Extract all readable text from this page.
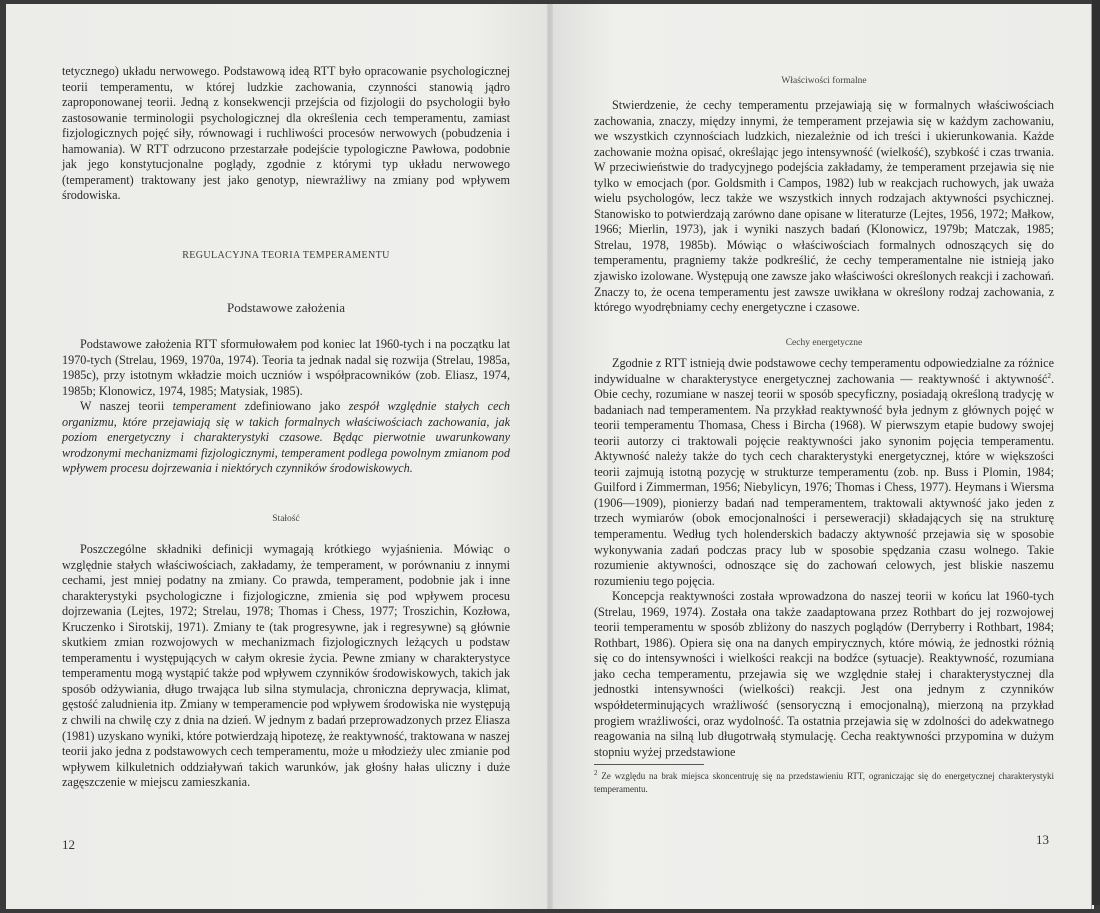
tetycznego) układu nerwowego. Podstawową ideą RTT było opracowanie psychologicznej teorii temperamentu, w której ludzkie zachowania, czynności stanowią jądro zaproponowanej teorii. Jedną z konsekwencji przejścia od fizjologii do psychologii było zastosowanie terminologii psychologicznej dla określenia cech temperamentu, zamiast fizjologicznych pojęć siły, równowagi i ruchliwości procesów nerwowych (pobudzenia i hamowania). W RTT odrzucono przestarzałe podejście typologiczne Pawłowa, podobnie jak jego konstytucjonalne poglądy, zgodnie z którymi typ układu nerwowego (temperament) traktowany jest jako genotyp, niewrażliwy na zmiany pod wpływem środowiska.

REGULACYJNA TEORIA TEMPERAMENTU
Podstawowe założenia

Podstawowe założenia RTT sformułowałem pod koniec lat 1960-tych i na początku lat 1970-tych (Strelau, 1969, 1970a, 1974). Teoria ta jednak nadal się rozwija (Strelau, 1985a, 1985c), przy istotnym wkładzie moich uczniów i współpracowników (zob. Eliasz, 1974, 1985b; Klonowicz, 1974, 1985; Matysiak, 1985).

W naszej teorii temperament zdefiniowano jako zespół względnie stałych cech organizmu, które przejawiają się w takich formalnych właściwościach zachowania, jak poziom energetyczny i charakterystyki czasowe. Będąc pierwotnie uwarunkowany wrodzonymi mechanizmami fizjologicznymi, temperament podlega powolnym zmianom pod wpływem procesu dojrzewania i niektórych czynników środowiskowych.

Stałość

Poszczególne składniki definicji wymagają krótkiego wyjaśnienia. Mówiąc o względnie stałych właściwościach, zakładamy, że temperament, w porównaniu z innymi cechami, jest mniej podatny na zmiany. Co prawda, temperament, podobnie jak i inne charakterystyki psychologiczne i fizjologiczne, zmienia się pod wpływem procesu dojrzewania (Lejtes, 1972; Strelau, 1978; Thomas i Chess, 1977; Troszichin, Kozłowa, Kruczenko i Sirotskij, 1971). Zmiany te (tak progresywne, jak i regresywne) są głównie skutkiem zmian rozwojowych w mechanizmach fizjologicznych leżących u podstaw temperamentu i występujących w całym okresie życia. Pewne zmiany w charakterystyce temperamentu mogą wystąpić także pod wpływem czynników środowiskowych, takich jak sposób odżywiania, długo trwająca lub silna stymulacja, chroniczna deprywacja, klimat, gęstość zaludnienia itp. Zmiany w temperamencie pod wpływem środowiska nie występują z chwili na chwilę czy z dnia na dzień. W jednym z badań przeprowadzonych przez Eliasza (1981) uzyskano wyniki, które potwierdzają hipotezę, że reaktywność, traktowana w naszej teorii jako jedna z podstawowych cech temperamentu, może u młodzieży ulec zmianie pod wpływem kilkuletnich oddziaływań takich warunków, jak głośny hałas uliczny i duże zagęszczenie w miejscu zamieszkania.

12
Właściwości formalne

Stwierdzenie, że cechy temperamentu przejawiają się w formalnych właściwościach zachowania, znaczy, między innymi, że temperament przejawia się w każdym zachowaniu, we wszystkich czynnościach ludzkich, niezależnie od ich treści i ukierunkowania. Każde zachowanie można opisać, określając jego intensywność (wielkość), szybkość i czas trwania. W przeciwieństwie do tradycyjnego podejścia zakładamy, że temperament przejawia się nie tylko w emocjach (por. Goldsmith i Campos, 1982) lub w reakcjach ruchowych, jak uważa wielu psychologów, lecz także we wszystkich innych rodzajach aktywności psychicznej. Stanowisko to potwierdzają zarówno dane opisane w literaturze (Lejtes, 1956, 1972; Małkow, 1966; Mierlin, 1973), jak i wyniki naszych badań (Klonowicz, 1979b; Matczak, 1985; Strelau, 1978, 1985b). Mówiąc o właściwościach formalnych odnoszących się do temperamentu, pragniemy także podkreślić, że cechy temperamentalne nie istnieją jako zjawisko izolowane. Występują one zawsze jako właściwości określonych reakcji i zachowań. Znaczy to, że ocena temperamentu jest zawsze uwikłana w określony rodzaj zachowania, z którego wyodrębniamy cechy energetyczne i czasowe.

Cechy energetyczne

Zgodnie z RTT istnieją dwie podstawowe cechy temperamentu odpowiedzialne za różnice indywidualne w charakterystyce energetycznej zachowania — reaktywność i aktywność$^2$. Obie cechy, rozumiane w naszej teorii w sposób specyficzny, posiadają określoną tradycję w badaniach nad temperamentem. Na przykład reaktywność była jednym z głównych pojęć w teorii temperamentu Thomasa, Chess i Bircha (1968). W pierwszym etapie budowy swojej teorii autorzy ci traktowali pojęcie reaktywności jako synonim pojęcia temperamentu. Aktywność należy także do tych cech charakterystyki energetycznej, które w większości teorii zajmują istotną pozycję w strukturze temperamentu (zob. np. Buss i Plomin, 1984; Guilford i Zimmerman, 1956; Niebylicyn, 1976; Thomas i Chess, 1977). Heymans i Wiersma (1906—1909), pionierzy badań nad temperamentem, traktowali aktywność jako jeden z trzech wymiarów (obok emocjonalności i perseweracji) składających się na strukturę temperamentu. Według tych holenderskich badaczy aktywność przejawia się w sposobie wykonywania zadań podczas pracy lub w sposobie spędzania czasu wolnego. Takie rozumienie aktywności, odnoszące się do zachowań celowych, jest bliskie naszemu rozumieniu tego pojęcia.

Koncepcja reaktywności została wprowadzona do naszej teorii w końcu lat 1960-tych (Strelau, 1969, 1974). Została ona także zaadaptowana przez Rothbart do jej rozwojowej teorii temperamentu w sposób zbliżony do naszych poglądów (Derryberry i Rothbart, 1984; Rothbart, 1986). Opiera się ona na danych empirycznych, które mówią, że jednostki różnią się co do intensywności i wielkości reakcji na bodźce (sytuacje). Reaktywność, rozumiana jako cecha temperamentu, przejawia się we względnie stałej i charakterystycznej dla jednostki intensywności (wielkości) reakcji. Jest ona jednym z czynników współdeterminujących wrażliwość (sensoryczną i emocjonalną), mierzoną na przykład progiem wrażliwości, oraz wydolność. Ta ostatnia przejawia się w zdolności do adekwatnego reagowania na silną lub długotrwałą stymulację. Cecha reaktywności przypomina w dużym stopniu wyżej przedstawione

$^2$ Ze względu na brak miejsca skoncentruję się na przedstawieniu RTT, ograniczając się do energetycznej charakterystyki temperamentu.
13
